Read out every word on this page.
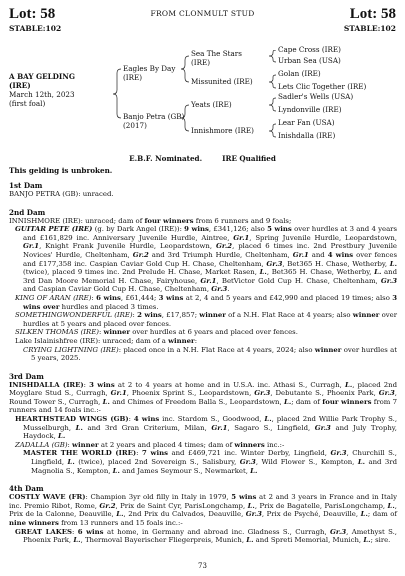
Lot: 58	FROM CLONMULT STUD	Lot: 58
STABLE:102	STABLE:102
A BAY GELDING
(IRE)
March 12th, 2023
(first foal)
Eagles By Day
(IRE)
Banjo Petra (GB)
(2017)
Sea The Stars
(IRE)
Missunited (IRE)
Yeats (IRE)
Innishmore (IRE)
Cape Cross (IRE)
Urban Sea (USA)
Golan (IRE)
Lets Clic Together (IRE)
Sadler's Wells (USA)
Lyndonville (IRE)
Lear Fan (USA)
Inishdalla (IRE)
E.B.F. Nominated.        IRE Qualified
This gelding is unbroken.
1st Dam

BANJO PETRA (GB): unraced.

2nd Dam

INNISHMORE (IRE): unraced; dam of four winners from 6 runners and 9 foals;

GUITAR PETE (IRE) (g. by Dark Angel (IRE)): 9 wins, £341,126; also 5 wins over hurdles at 3 and 4 years and £161,829 inc. Anniversary Juvenile Hurdle, Aintree, Gr.1, Spring Juvenile Hurdle, Leopardstown, Gr.1, Knight Frank Juvenile Hurdle, Leopardstown, Gr.2, placed 6 times inc. 2nd Prestbury Juvenile Novices' Hurdle, Cheltenham, Gr.2 and 3rd Triumph Hurdle, Cheltenham, Gr.1 and 4 wins over fences and £177,358 inc. Caspian Caviar Gold Cup H. Chase, Cheltenham, Gr.3, Bet365 H. Chase, Wetherby, L. (twice), placed 9 times inc. 2nd Prelude H. Chase, Market Rasen, L., Bet365 H. Chase, Wetherby, L. and 3rd Dan Moore Memorial H. Chase, Fairyhouse, Gr.1, BetVictor Gold Cup H. Chase, Cheltenham, Gr.3 and Caspian Caviar Gold Cup H. Chase, Cheltenham, Gr.3.

KING OF ARAN (IRE): 6 wins, £61,444; 3 wins at 2, 4 and 5 years and £42,990 and placed 19 times; also 3 wins over hurdles and placed 3 times.

SOMETHINGWONDERFUL (IRE): 2 wins, £17,857; winner of a N.H. Flat Race at 4 years; also winner over hurdles at 5 years and placed over fences.

SILKEN THOMAS (IRE): winner over hurdles at 6 years and placed over fences.

Lake Islainishfree (IRE): unraced; dam of a winner:

CRYING LIGHTNING (IRE): placed once in a N.H. Flat Race at 4 years, 2024; also winner over hurdles at 5 years, 2025.

3rd Dam

INISHDALLA (IRE): 3 wins at 2 to 4 years at home and in U.S.A. inc. Athasi S., Curragh, L., placed 2nd Moyglare Stud S., Curragh, Gr.1, Phoenix Sprint S., Leopardstown, Gr.3, Debutante S., Phoenix Park, Gr.3, Round Tower S., Curragh, L. and Chimes of Freedom Balla S., Leopardstown, L.; dam of four winners from 7 runners and 14 foals inc.:-

HEARTHSTEAD WINGS (GB): 4 wins inc. Stardom S., Goodwood, L., placed 2nd Willie Park Trophy S., Musselburgh, L. and 3rd Gran Criterium, Milan, Gr.1, Sagaro S., Lingfield, Gr.3 and July Trophy, Haydock, L.

ZADALLA (GB): winner at 2 years and placed 4 times; dam of winners inc.:-

MASTER THE WORLD (IRE): 7 wins and £469,721 inc. Winter Derby, Lingfield, Gr.3, Churchill S., Lingfield, L. (twice), placed 2nd Sovereign S., Salisbury, Gr.3, Wild Flower S., Kempton, L. and 3rd Magnolia S., Kempton, L. and James Seymour S., Newmarket, L.

4th Dam

COSTLY WAVE (FR): Champion 3yr old filly in Italy in 1979, 5 wins at 2 and 3 years in France and in Italy inc. Premio Ribot, Rome, Gr.2, Prix de Saint Cyr, ParisLongchamp, L., Prix de Bagatelle, ParisLongchamp, L., Prix de la Calonne, Deauville, L., 2nd Prix du Calvados, Deauville, Gr.3, Prix de Psyché, Deauville, L.; dam of nine winners from 13 runners and 15 foals inc.:-

GREAT LAKES: 6 wins at home, in Germany and abroad inc. Gladness S., Curragh, Gr.3, Amethyst S., Phoenix Park, L., Thermoval Bayerischer Fliegerpreis, Munich, L. and Spreti Memorial, Munich, L.; sire.

73
